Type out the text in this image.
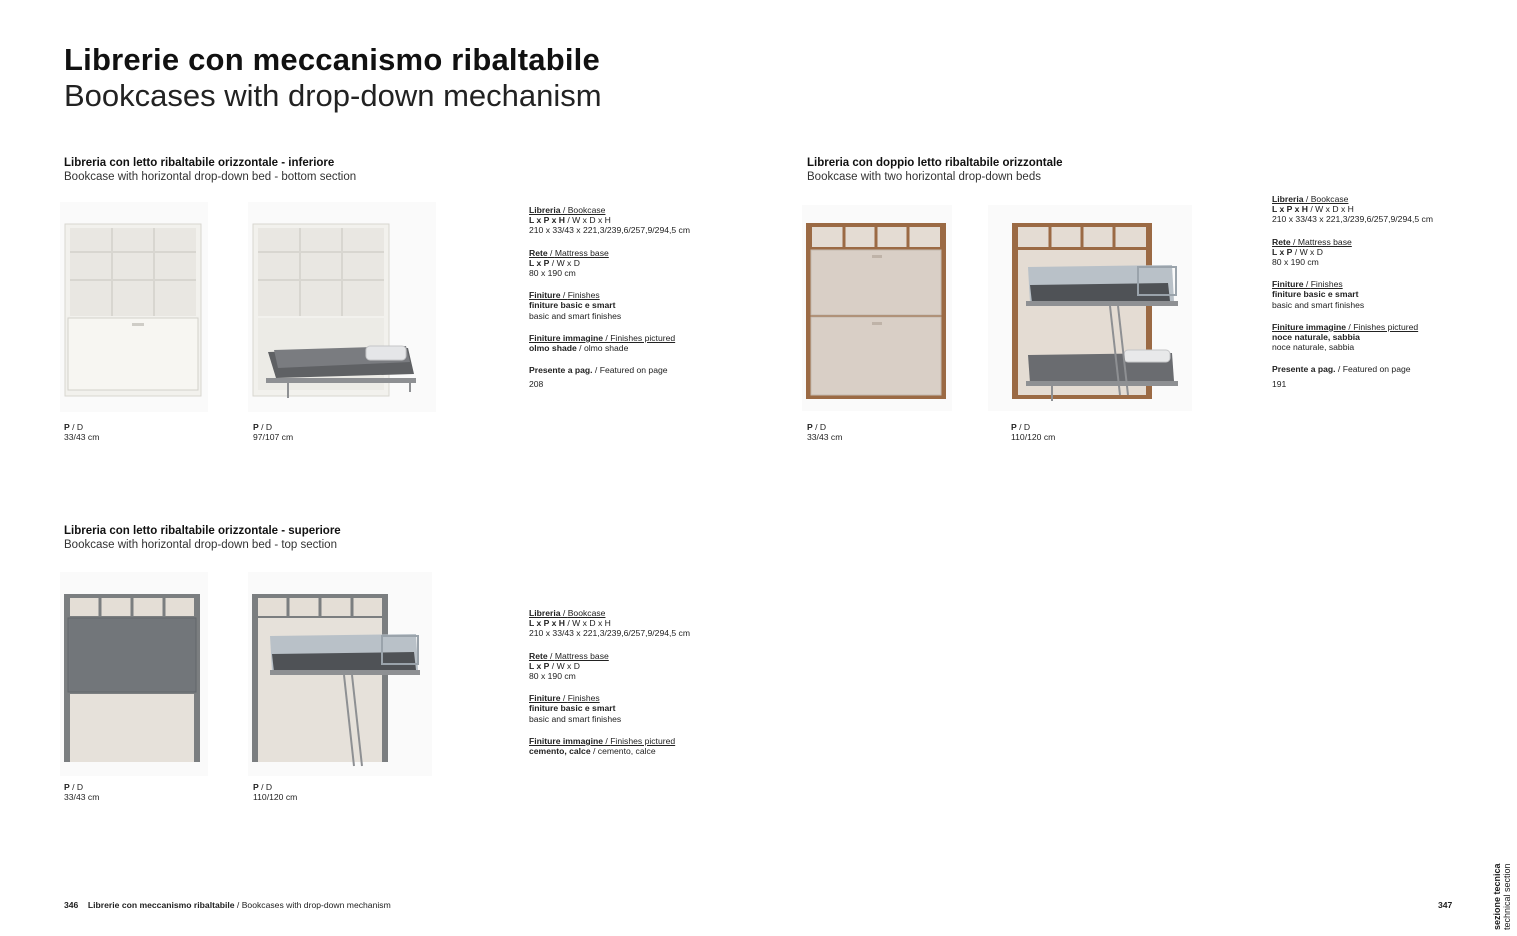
Librerie con meccanismo ribaltabile
Bookcases with drop-down mechanism
Libreria con letto ribaltabile orizzontale - inferiore
Bookcase with horizontal drop-down bed - bottom section
P / D
33/43 cm
P / D
97/107 cm
Libreria / Bookcase
L x P x H / W x D x H
210 x 33/43 x 221,3/239,6/257,9/294,5 cm
Rete / Mattress base
L x P / W x D
80 x 190 cm
Finiture / Finishes
finiture basic e smart
basic and smart finishes
Finiture immagine / Finishes pictured
olmo shade / olmo shade
Presente a pag. / Featured on page
208
Libreria con doppio letto ribaltabile orizzontale
Bookcase with two horizontal drop-down beds
P / D
33/43 cm
P / D
110/120 cm
Libreria / Bookcase
L x P x H / W x D x H
210 x 33/43 x 221,3/239,6/257,9/294,5 cm
Rete / Mattress base
L x P / W x D
80 x 190 cm
Finiture / Finishes
finiture basic e smart
basic and smart finishes
Finiture immagine / Finishes pictured
noce naturale, sabbia
noce naturale, sabbia
Presente a pag. / Featured on page
191
Libreria con letto ribaltabile orizzontale - superiore
Bookcase with horizontal drop-down bed - top section
P / D
33/43 cm
P / D
110/120 cm
Libreria / Bookcase
L x P x H / W x D x H
210 x 33/43 x 221,3/239,6/257,9/294,5 cm
Rete / Mattress base
L x P / W x D
80 x 190 cm
Finiture / Finishes
finiture basic e smart
basic and smart finishes
Finiture immagine / Finishes pictured
cemento, calce / cemento, calce
346 Librerie con meccanismo ribaltabile / Bookcases with drop-down mechanism	347	sezione tecnica
technical section
